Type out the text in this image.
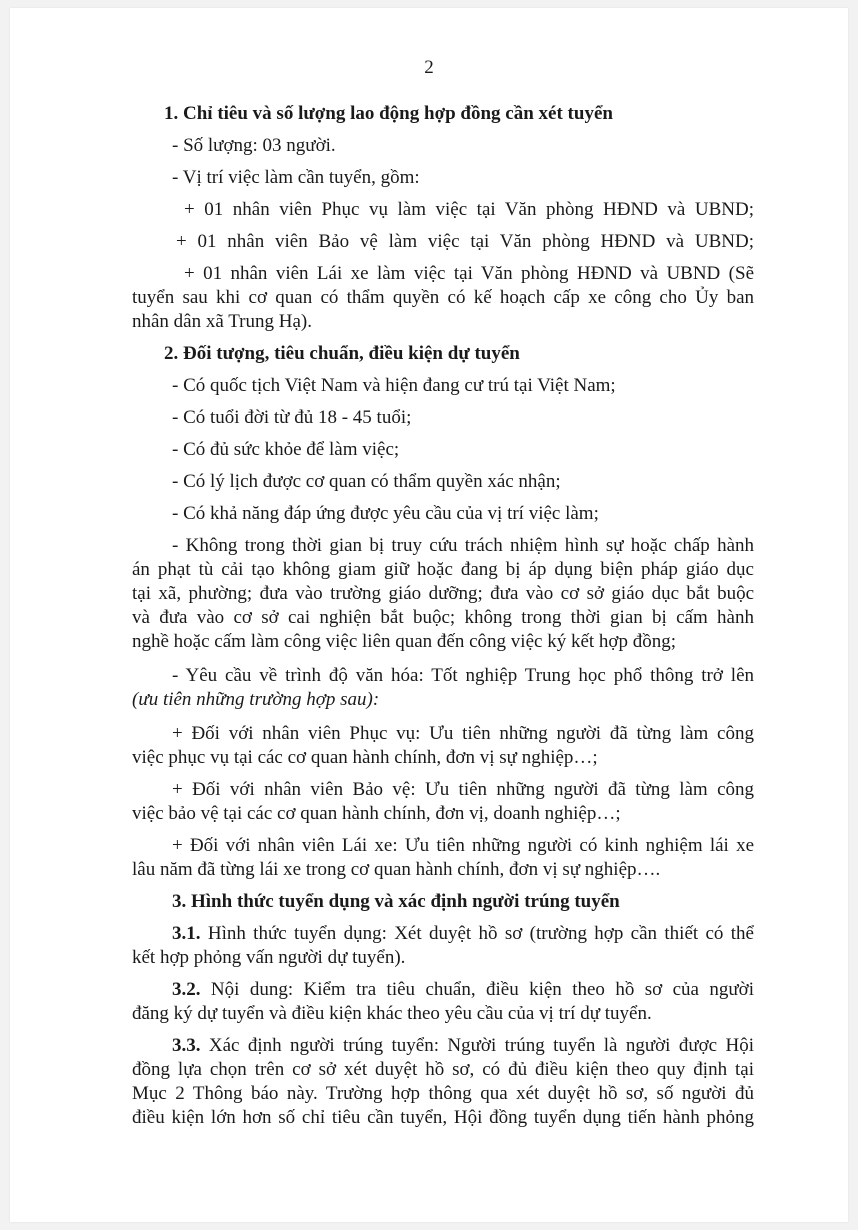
2
1. Chỉ tiêu và số lượng lao động hợp đồng cần xét tuyển
- Số lượng: 03 người.
- Vị trí việc làm cần tuyển, gồm:
+ 01 nhân viên Phục vụ làm việc tại Văn phòng HĐND và UBND;
+ 01 nhân viên Bảo vệ làm việc tại Văn phòng HĐND và UBND;
+ 01 nhân viên Lái xe làm việc tại Văn phòng HĐND và UBND (Sẽ
tuyển sau khi cơ quan có thẩm quyền có kế hoạch cấp xe công cho Ủy ban
nhân dân xã Trung Hạ).
2. Đối tượng, tiêu chuẩn, điều kiện dự tuyển
- Có quốc tịch Việt Nam và hiện đang cư trú tại Việt Nam;
- Có tuổi đời từ đủ 18 - 45 tuổi;
- Có đủ sức khỏe để làm việc;
- Có lý lịch được cơ quan có thẩm quyền xác nhận;
- Có khả năng đáp ứng được yêu cầu của vị trí việc làm;
- Không trong thời gian bị truy cứu trách nhiệm hình sự hoặc chấp hành
án phạt tù cải tạo không giam giữ hoặc đang bị áp dụng biện pháp giáo dục
tại xã, phường; đưa vào trường giáo dưỡng; đưa vào cơ sở giáo dục bắt buộc
và đưa vào cơ sở cai nghiện bắt buộc; không trong thời gian bị cấm hành
nghề hoặc cấm làm công việc liên quan đến công việc ký kết hợp đồng;
- Yêu cầu về trình độ văn hóa: Tốt nghiệp Trung học phổ thông trở lên
(ưu tiên những trường hợp sau):
+ Đối với nhân viên Phục vụ: Ưu tiên những người đã từng làm công
việc phục vụ tại các cơ quan hành chính, đơn vị sự nghiệp…;
+ Đối với nhân viên Bảo vệ: Ưu tiên những người đã từng làm công
việc bảo vệ tại các cơ quan hành chính, đơn vị, doanh nghiệp…;
+ Đối với nhân viên Lái xe: Ưu tiên những người có kinh nghiệm lái xe
lâu năm đã từng lái xe trong cơ quan hành chính, đơn vị sự nghiệp….
3. Hình thức tuyển dụng và xác định người trúng tuyển
3.1. Hình thức tuyển dụng: Xét duyệt hồ sơ (trường hợp cần thiết có thể
kết hợp phỏng vấn người dự tuyển).
3.2. Nội dung: Kiểm tra tiêu chuẩn, điều kiện theo hồ sơ của người
đăng ký dự tuyển và điều kiện khác theo yêu cầu của vị trí dự tuyển.
3.3. Xác định người trúng tuyển: Người trúng tuyển là người được Hội
đồng lựa chọn trên cơ sở xét duyệt hồ sơ, có đủ điều kiện theo quy định tại
Mục 2 Thông báo này. Trường hợp thông qua xét duyệt hồ sơ, số người đủ
điều kiện lớn hơn số chỉ tiêu cần tuyển, Hội đồng tuyển dụng tiến hành phỏng
